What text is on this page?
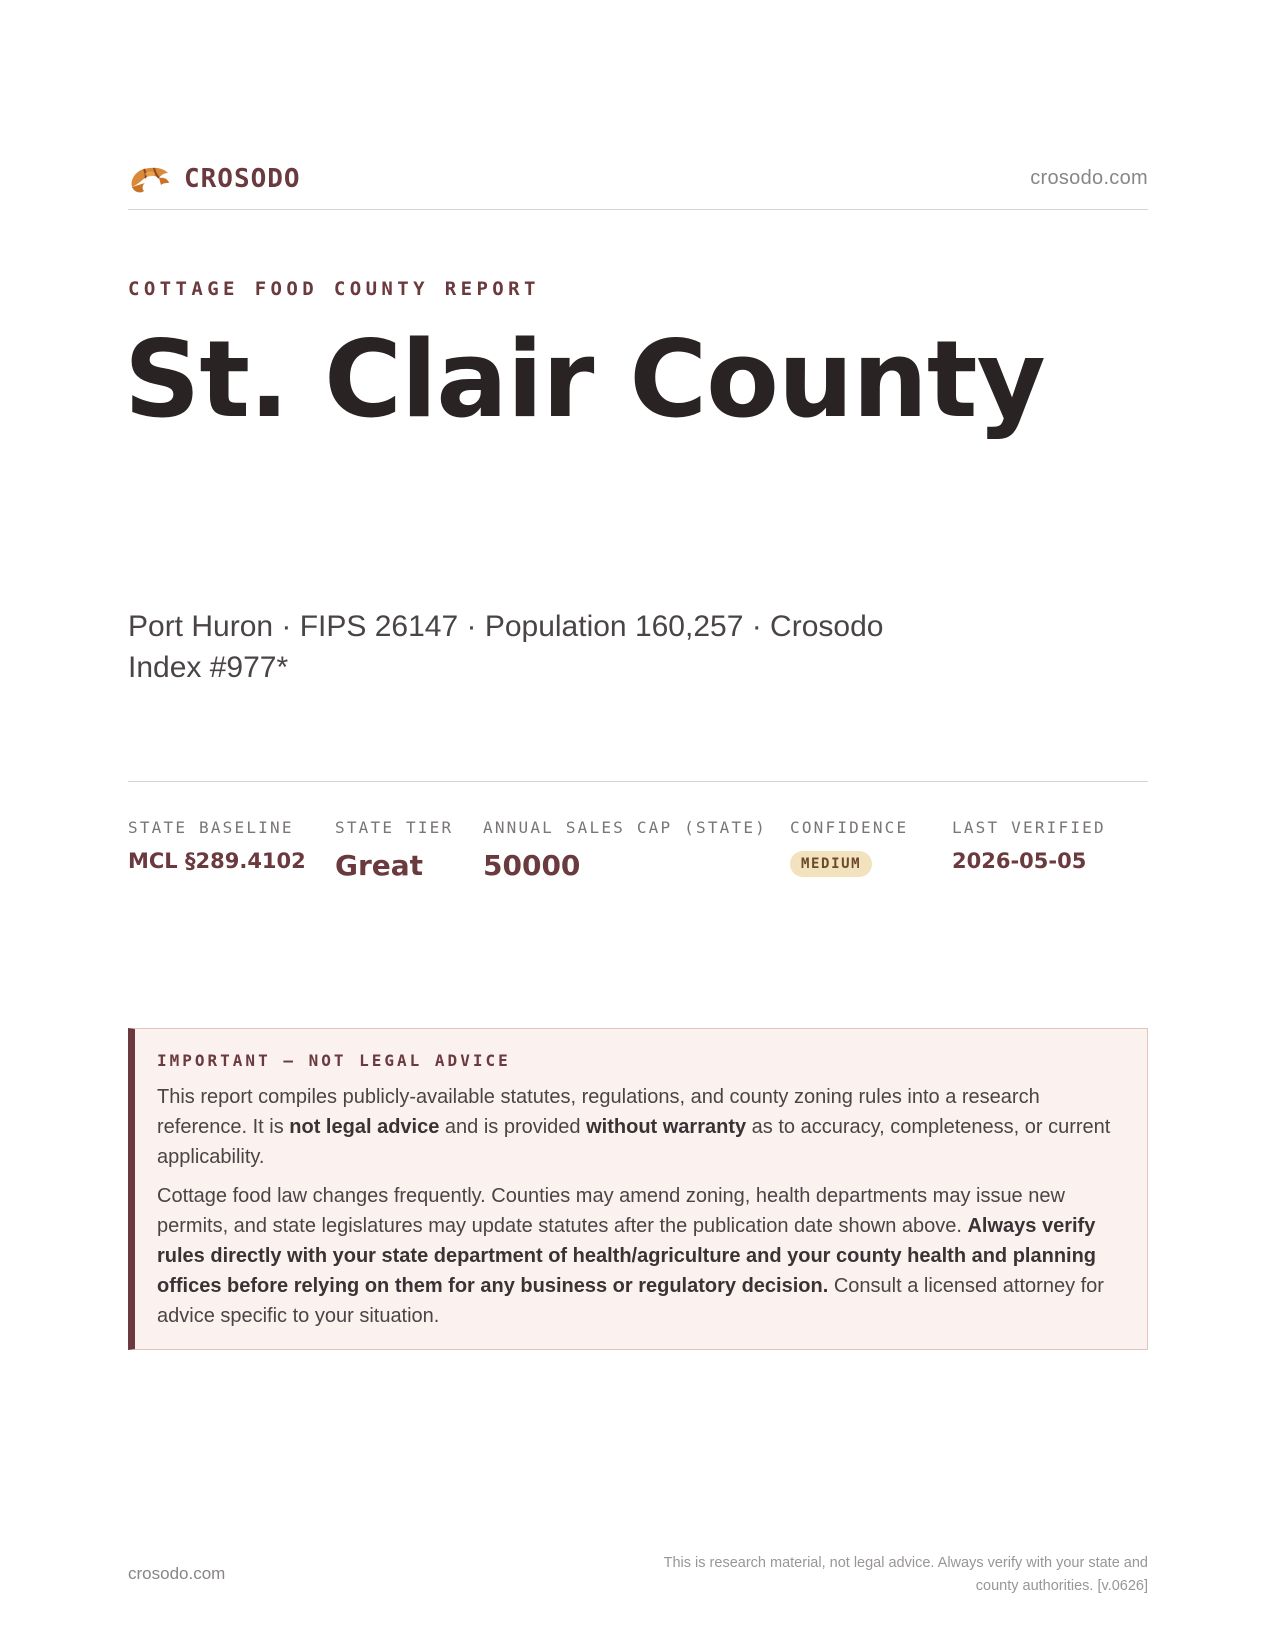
CROSODO	crosodo.com
COTTAGE FOOD COUNTY REPORT
St. Clair County
Port Huron · FIPS 26147 · Population 160,257 · Crosodo Index #977*
STATE BASELINE
MCL §289.4102
STATE TIER
Great
ANNUAL SALES CAP (STATE)
50000
CONFIDENCE
MEDIUM
LAST VERIFIED
2026-05-05
IMPORTANT — NOT LEGAL ADVICE

This report compiles publicly-available statutes, regulations, and county zoning rules into a research reference. It is not legal advice and is provided without warranty as to accuracy, completeness, or current applicability.

Cottage food law changes frequently. Counties may amend zoning, health departments may issue new permits, and state legislatures may update statutes after the publication date shown above. Always verify rules directly with your state department of health/agriculture and your county health and planning offices before relying on them for any business or regulatory decision. Consult a licensed attorney for advice specific to your situation.

crosodo.com
This is research material, not legal advice. Always verify with your state and county authorities. [v.0626]
